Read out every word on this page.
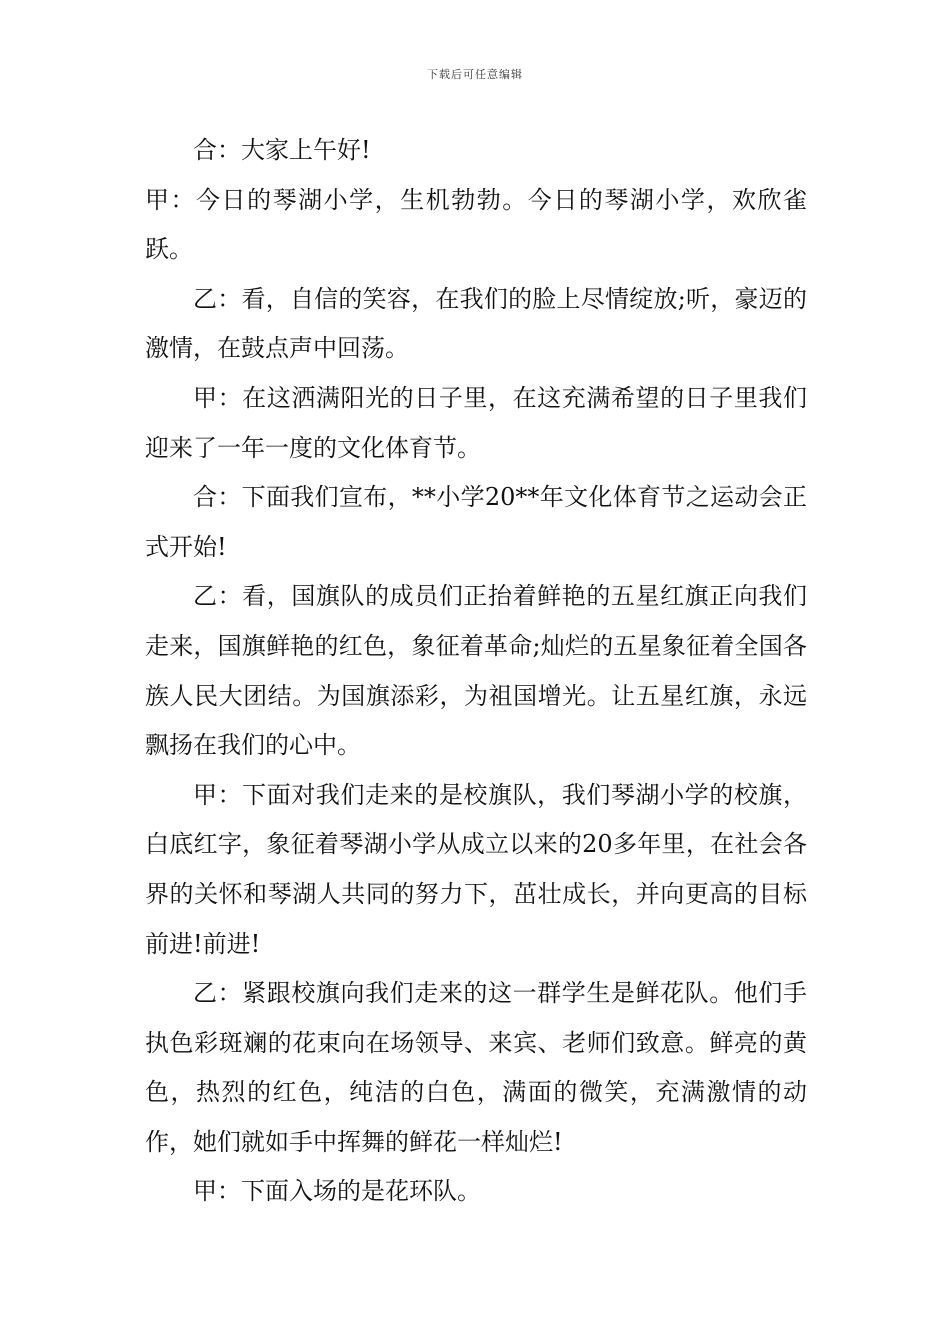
下载后可任意编辑

合：大家上午好!

甲：今日的琴湖小学，生机勃勃。今日的琴湖小学，欢欣雀跃。

乙：看，自信的笑容，在我们的脸上尽情绽放;听，豪迈的激情，在鼓点声中回荡。

甲：在这洒满阳光的日子里，在这充满希望的日子里我们迎来了一年一度的文化体育节。

合：下面我们宣布，**小学20**年文化体育节之运动会正式开始!

乙：看，国旗队的成员们正抬着鲜艳的五星红旗正向我们走来，国旗鲜艳的红色，象征着革命;灿烂的五星象征着全国各族人民大团结。为国旗添彩，为祖国增光。让五星红旗，永远飘扬在我们的心中。

甲：下面对我们走来的是校旗队，我们琴湖小学的校旗，白底红字，象征着琴湖小学从成立以来的20多年里，在社会各界的关怀和琴湖人共同的努力下，茁壮成长，并向更高的目标前进!前进!

乙：紧跟校旗向我们走来的这一群学生是鲜花队。他们手执色彩斑斓的花束向在场领导、来宾、老师们致意。鲜亮的黄色，热烈的红色，纯洁的白色，满面的微笑，充满激情的动作，她们就如手中挥舞的鲜花一样灿烂!

甲：下面入场的是花环队。
